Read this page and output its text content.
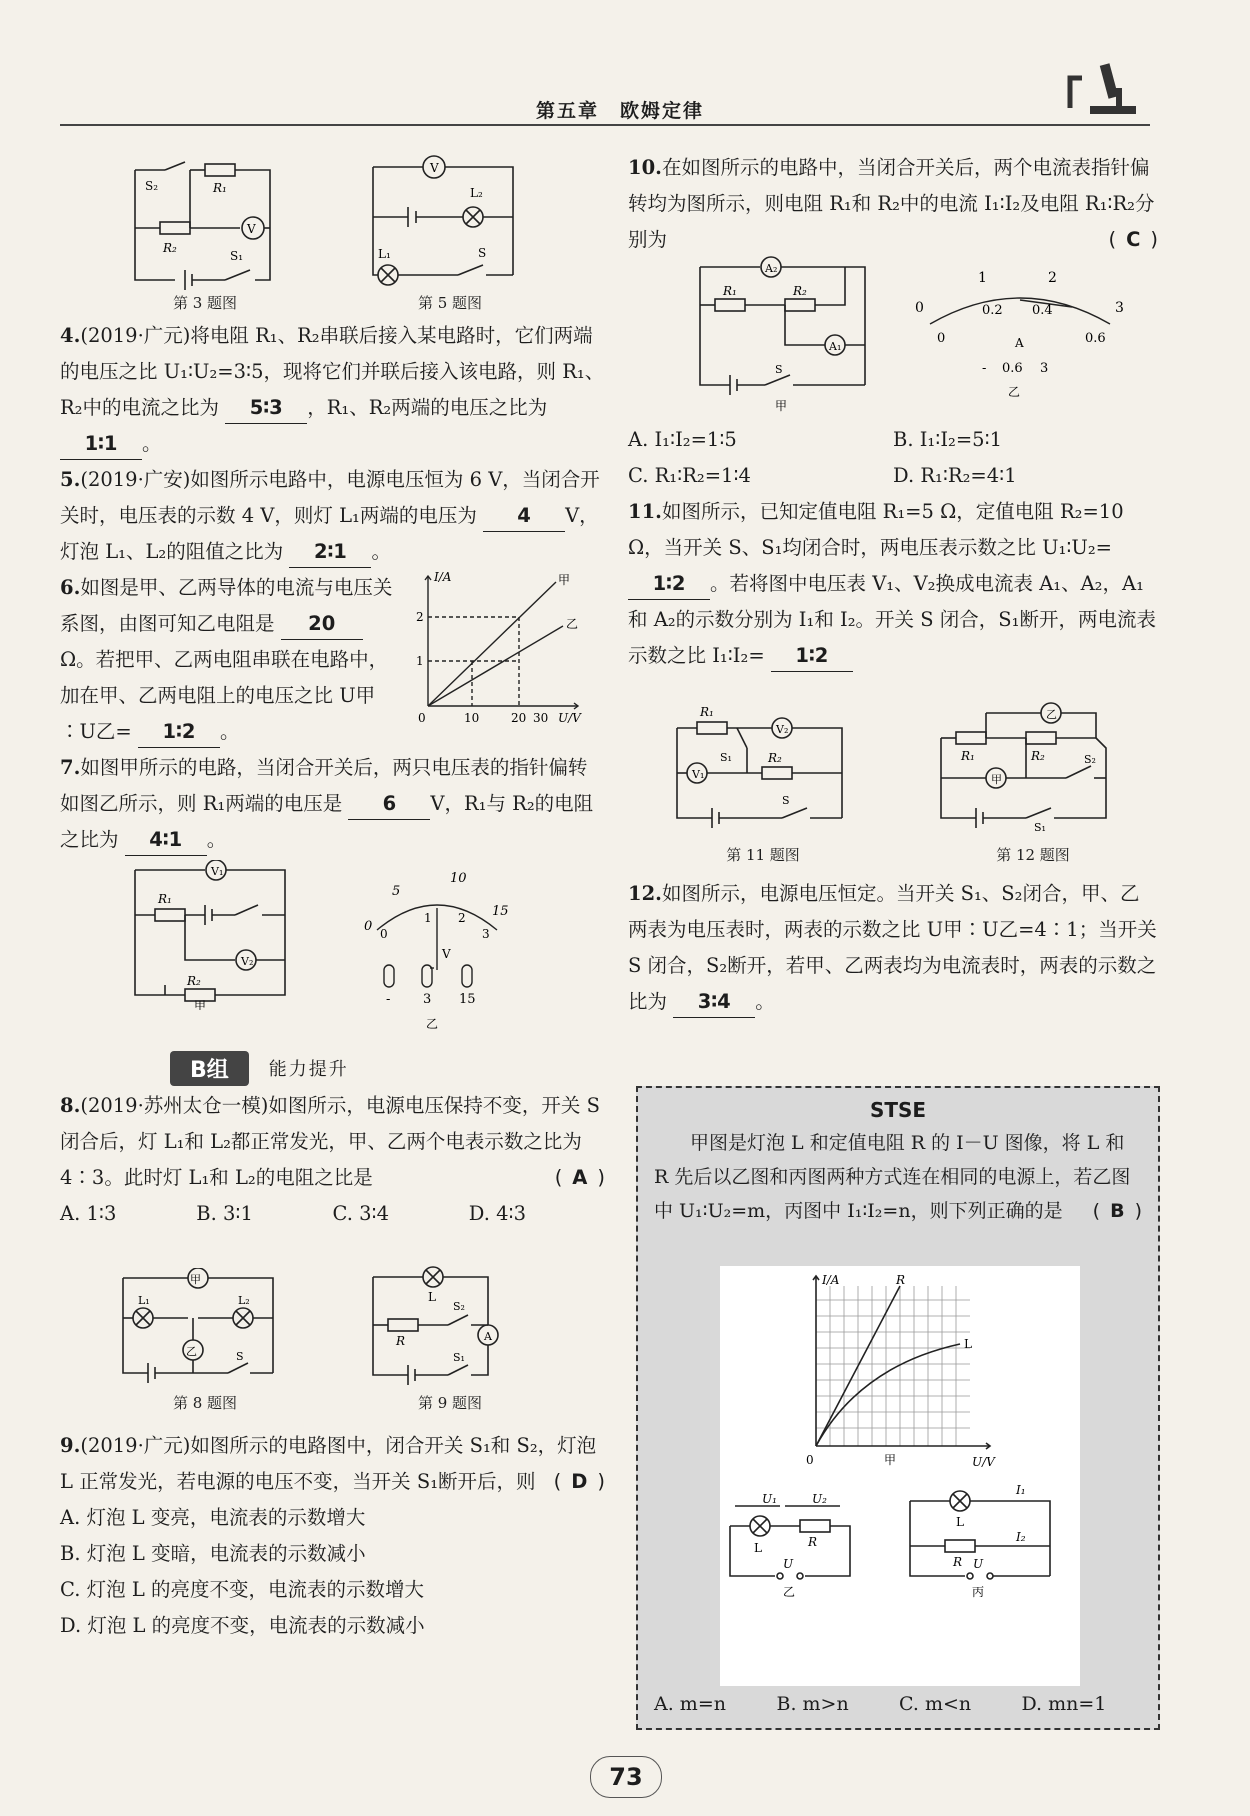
第五章　欧姆定律
S₂	R₁
V
R₂
S₁
第 3 题图
V
L₂
L₁	S
第 5 题图
4.(2019·广元)将电阻 R₁、R₂串联后接入某电路时，它们两端的电压之比 U₁∶U₂=3∶5，现将它们并联后接入该电路，则 R₁、R₂中的电流之比为 5∶3 ，R₁、R₂两端的电压之比为 1∶1 。
5.(2019·广安)如图所示电路中，电源电压恒为 6 V，当闭合开关时，电压表的示数 4 V，则灯 L₁两端的电压为 4 V，灯泡 L₁、L₂的阻值之比为 2∶1 。
6.如图是甲、乙两导体的电流与电压关系图，由图可知乙电阻是 20Ω。若把甲、乙两电阻串联在电路中，加在甲、乙两电阻上的电压之比 U甲∶U乙= 1∶2 。
7.如图甲所示的电路，当闭合开关后，两只电压表的指针偏转如图乙所示，则 R₁两端的电压是 6 V，R₁与 R₂的电阻之比为 4∶1 。
I/A
U/V
0	10	20 30
1
2
甲
乙
V₁
R₁
V₂
R₂
甲
0
5
10
15
0
1 2
3
V
-	3 15
乙
B组	能力提升
8.(2019·苏州太仓一模)如图所示，电源电压保持不变，开关 S 闭合后，灯 L₁和 L₂都正常发光，甲、乙两个电表示数之比为 4∶3。此时灯 L₁和 L₂的电阻之比是	( A )
A. 1∶3	B. 3∶1	C. 3∶4	D. 4∶3
甲
L₁	L₂
乙	S
第 8 题图
L
R	A
S₂
S₁
第 9 题图
9.(2019·广元)如图所示的电路图中，闭合开关 S₁和 S₂，灯泡 L 正常发光，若电源的电压不变，当开关 S₁断开后，则 ( D )
A. 灯泡 L 变亮，电流表的示数增大
B. 灯泡 L 变暗，电流表的示数减小
C. 灯泡 L 的亮度不变，电流表的示数增大
D. 灯泡 L 的亮度不变，电流表的示数减小
10.在如图所示的电路中，当闭合开关后，两个电流表指针偏转均为图所示，则电阻 R₁和 R₂中的电流 I₁∶I₂及电阻 R₁∶R₂分别为	( C )
A₂
R₁	R₂
A₁
S
甲
0
1	2
3
0
0.2 0.4
0.6
A
- 0.6 3
乙
A. I₁∶I₂=1∶5	B. I₁∶I₂=5∶1
C. R₁∶R₂=1∶4	D. R₁∶R₂=4∶1
11.如图所示，已知定值电阻 R₁=5 Ω，定值电阻 R₂=10 Ω，当开关 S、S₁均闭合时，两电压表示数之比 U₁∶U₂= 1∶2 。若将图中电压表 V₁、V₂换成电流表 A₁、A₂，A₁和 A₂的示数分别为 I₁和 I₂。开关 S 闭合，S₁断开，两电流表示数之比 I₁∶I₂= 1∶2
R₁
V₂
S₁
V₁
R₂
S
第 11 题图
乙
R₁	R₂
甲
S₂
S₁
第 12 题图
12.如图所示，电源电压恒定。当开关 S₁、S₂闭合，甲、乙两表为电压表时，两表的示数之比 U甲∶U乙=4∶1；当开关 S 闭合，S₂断开，若甲、乙两表均为电流表时，两表的示数之比为 3∶4 。
STSE
甲图是灯泡 L 和定值电阻 R 的 I－U 图像，将 L 和 R 先后以乙图和丙图两种方式连在相同的电源上，若乙图中 U₁∶U₂=m，丙图中 I₁∶I₂=n，则下列正确的是 ( B )
I/A
U/V
0
R
L
甲
U₁	U₂
L	R
U
乙
I₁
I₂
L
R U
丙
A. m=n	B. m>n	C. m<n	D. mn=1
73
